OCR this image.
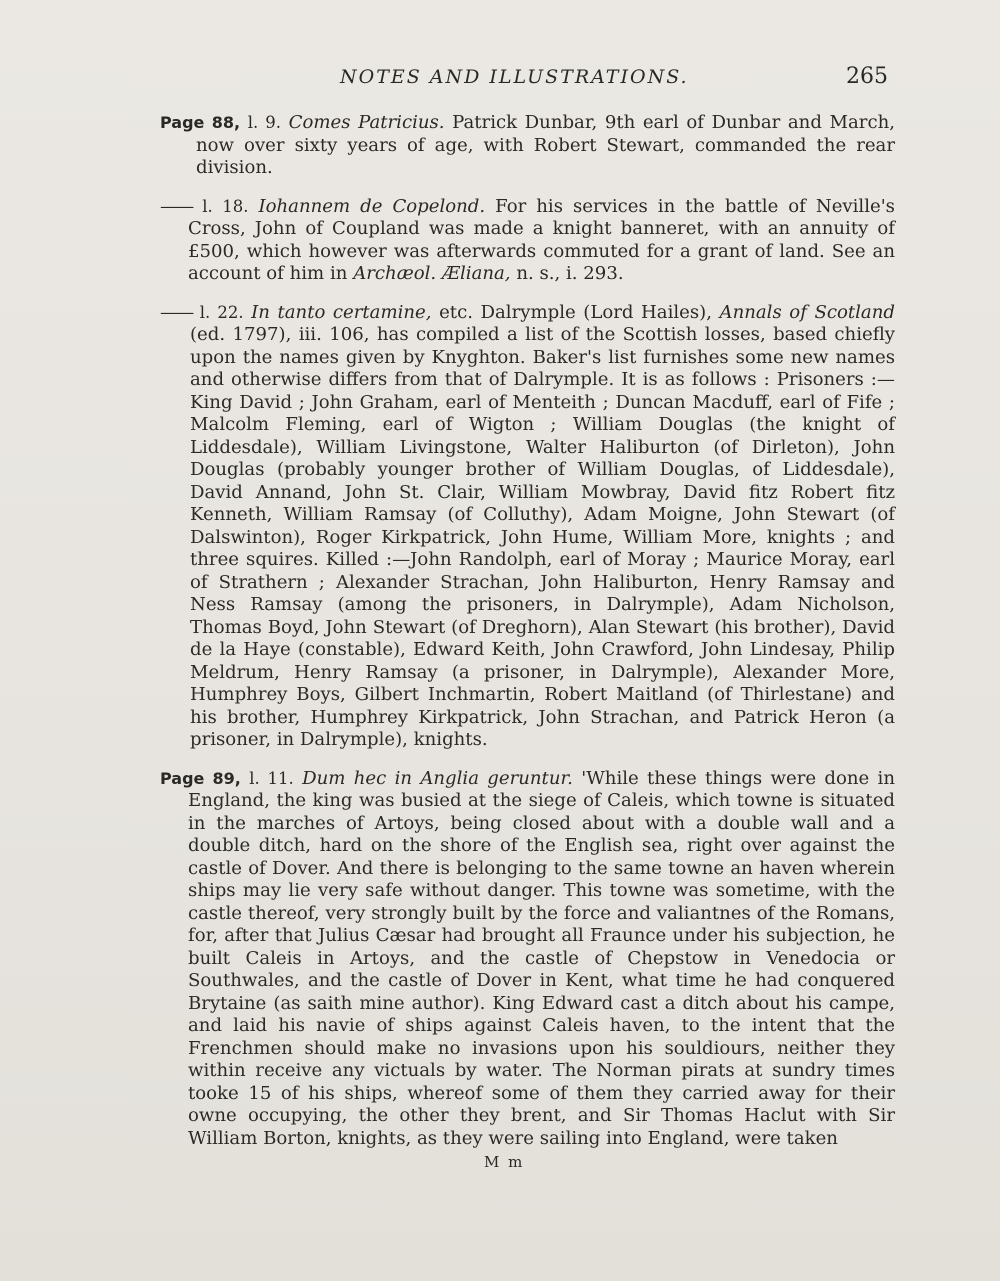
NOTES AND ILLUSTRATIONS.	265

Page 88, l. 9. Comes Patricius. Patrick Dunbar, 9th earl of Dunbar and March, now over sixty years of age, with Robert Stewart, commanded the rear division.

—— l. 18. Iohannem de Copelond. For his services in the battle of Neville's Cross, John of Coupland was made a knight banneret, with an annuity of £500, which however was afterwards commuted for a grant of land. See an account of him in Archæol. Æliana, n. s., i. 293.

—— l. 22. In tanto certamine, etc. Dalrymple (Lord Hailes), Annals of Scotland (ed. 1797), iii. 106, has compiled a list of the Scottish losses, based chiefly upon the names given by Knyghton. Baker's list furnishes some new names and otherwise differs from that of Dalrymple. It is as follows : Prisoners :—King David ; John Graham, earl of Menteith ; Duncan Macduff, earl of Fife ; Malcolm Fleming, earl of Wigton ; William Douglas (the knight of Liddesdale), William Livingstone, Walter Haliburton (of Dirleton), John Douglas (probably younger brother of William Douglas, of Liddesdale), David Annand, John St. Clair, William Mowbray, David fitz Robert fitz Kenneth, William Ramsay (of Colluthy), Adam Moigne, John Stewart (of Dalswinton), Roger Kirkpatrick, John Hume, William More, knights ; and three squires. Killed :—John Randolph, earl of Moray ; Maurice Moray, earl of Strathern ; Alexander Strachan, John Haliburton, Henry Ramsay and Ness Ramsay (among the prisoners, in Dalrymple), Adam Nicholson, Thomas Boyd, John Stewart (of Dreghorn), Alan Stewart (his brother), David de la Haye (constable), Edward Keith, John Crawford, John Lindesay, Philip Meldrum, Henry Ramsay (a prisoner, in Dalrymple), Alexander More, Humphrey Boys, Gilbert Inchmartin, Robert Maitland (of Thirlestane) and his brother, Humphrey Kirkpatrick, John Strachan, and Patrick Heron (a prisoner, in Dalrymple), knights.

Page 89, l. 11. Dum hec in Anglia geruntur. 'While these things were done in England, the king was busied at the siege of Caleis, which towne is situated in the marches of Artoys, being closed about with a double wall and a double ditch, hard on the shore of the English sea, right over against the castle of Dover. And there is belonging to the same towne an haven wherein ships may lie very safe without danger. This towne was sometime, with the castle thereof, very strongly built by the force and valiantnes of the Romans, for, after that Julius Cæsar had brought all Fraunce under his subjection, he built Caleis in Artoys, and the castle of Chepstow in Venedocia or Southwales, and the castle of Dover in Kent, what time he had conquered Brytaine (as saith mine author). King Edward cast a ditch about his campe, and laid his navie of ships against Caleis haven, to the intent that the Frenchmen should make no invasions upon his souldiours, neither they within receive any victuals by water. The Norman pirats at sundry times tooke 15 of his ships, whereof some of them they carried away for their owne occupying, the other they brent, and Sir Thomas Haclut with Sir William Borton, knights, as they were sailing into England, were taken

M m
